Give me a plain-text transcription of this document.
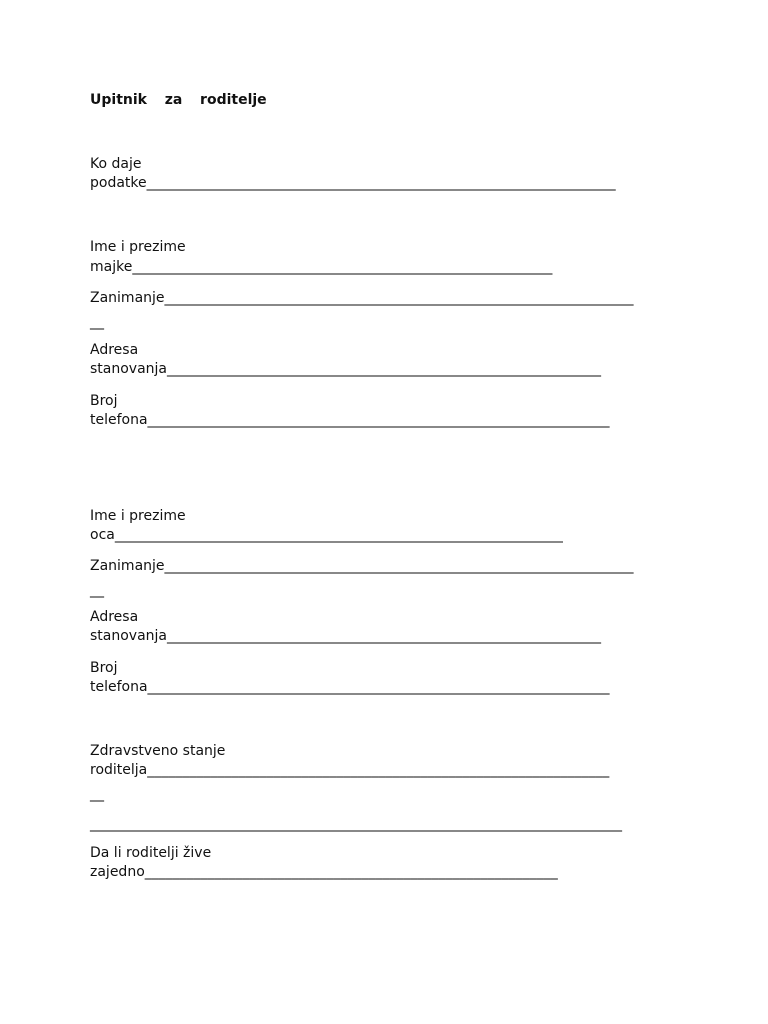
Upitnik  za  roditelje

Ko daje

podatke___________________________________________________________________

Ime i prezime

majke____________________________________________________________

Zanimanje___________________________________________________________________

__

Adresa

stanovanja______________________________________________________________

Broj

telefona__________________________________________________________________

Ime i prezime

oca________________________________________________________________

Zanimanje___________________________________________________________________

__

Adresa

stanovanja______________________________________________________________

Broj

telefona__________________________________________________________________

Zdravstveno stanje

roditelja__________________________________________________________________

__

____________________________________________________________________________

Da li roditelji žive

zajedno___________________________________________________________
